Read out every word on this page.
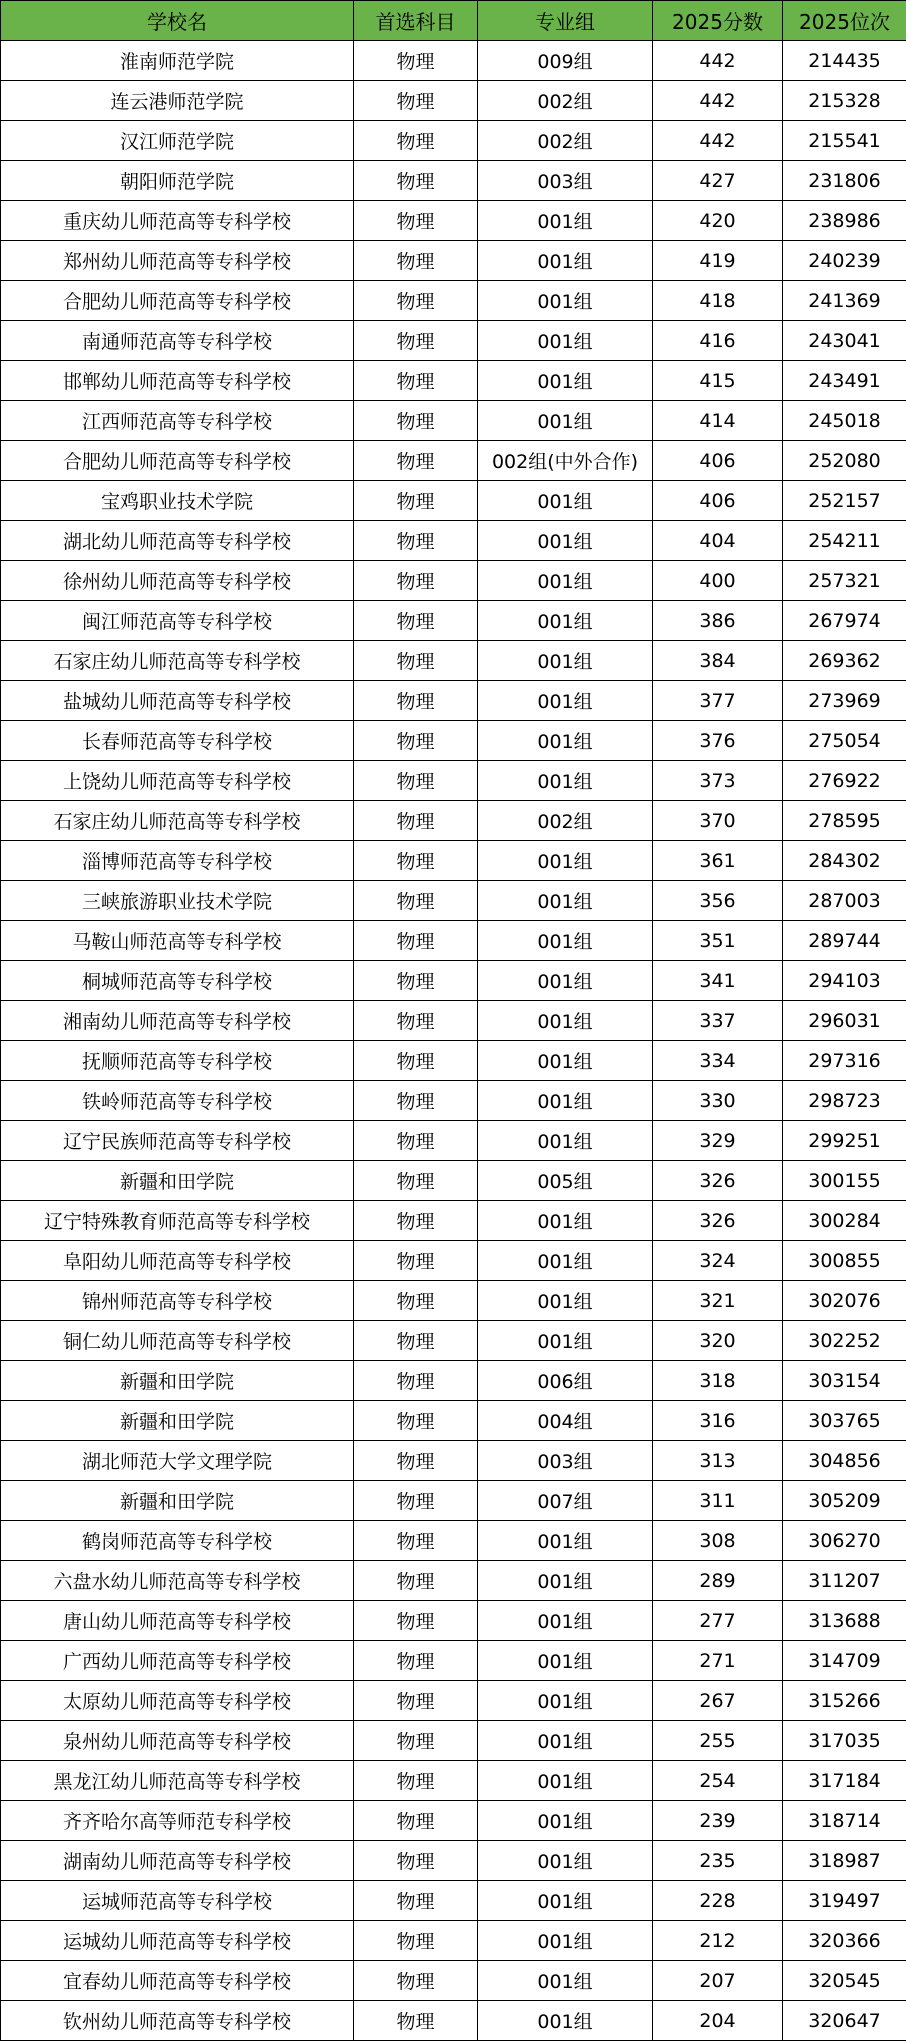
学校名	首选科目	专业组	2025分数	2025位次
淮南师范学院	物理	009组	442	214435
连云港师范学院	物理	002组	442	215328
汉江师范学院	物理	002组	442	215541
朝阳师范学院	物理	003组	427	231806
重庆幼儿师范高等专科学校	物理	001组	420	238986
郑州幼儿师范高等专科学校	物理	001组	419	240239
合肥幼儿师范高等专科学校	物理	001组	418	241369
南通师范高等专科学校	物理	001组	416	243041
邯郸幼儿师范高等专科学校	物理	001组	415	243491
江西师范高等专科学校	物理	001组	414	245018
合肥幼儿师范高等专科学校	物理	002组(中外合作)	406	252080
宝鸡职业技术学院	物理	001组	406	252157
湖北幼儿师范高等专科学校	物理	001组	404	254211
徐州幼儿师范高等专科学校	物理	001组	400	257321
闽江师范高等专科学校	物理	001组	386	267974
石家庄幼儿师范高等专科学校	物理	001组	384	269362
盐城幼儿师范高等专科学校	物理	001组	377	273969
长春师范高等专科学校	物理	001组	376	275054
上饶幼儿师范高等专科学校	物理	001组	373	276922
石家庄幼儿师范高等专科学校	物理	002组	370	278595
淄博师范高等专科学校	物理	001组	361	284302
三峡旅游职业技术学院	物理	001组	356	287003
马鞍山师范高等专科学校	物理	001组	351	289744
桐城师范高等专科学校	物理	001组	341	294103
湘南幼儿师范高等专科学校	物理	001组	337	296031
抚顺师范高等专科学校	物理	001组	334	297316
铁岭师范高等专科学校	物理	001组	330	298723
辽宁民族师范高等专科学校	物理	001组	329	299251
新疆和田学院	物理	005组	326	300155
辽宁特殊教育师范高等专科学校	物理	001组	326	300284
阜阳幼儿师范高等专科学校	物理	001组	324	300855
锦州师范高等专科学校	物理	001组	321	302076
铜仁幼儿师范高等专科学校	物理	001组	320	302252
新疆和田学院	物理	006组	318	303154
新疆和田学院	物理	004组	316	303765
湖北师范大学文理学院	物理	003组	313	304856
新疆和田学院	物理	007组	311	305209
鹤岗师范高等专科学校	物理	001组	308	306270
六盘水幼儿师范高等专科学校	物理	001组	289	311207
唐山幼儿师范高等专科学校	物理	001组	277	313688
广西幼儿师范高等专科学校	物理	001组	271	314709
太原幼儿师范高等专科学校	物理	001组	267	315266
泉州幼儿师范高等专科学校	物理	001组	255	317035
黑龙江幼儿师范高等专科学校	物理	001组	254	317184
齐齐哈尔高等师范专科学校	物理	001组	239	318714
湖南幼儿师范高等专科学校	物理	001组	235	318987
运城师范高等专科学校	物理	001组	228	319497
运城幼儿师范高等专科学校	物理	001组	212	320366
宜春幼儿师范高等专科学校	物理	001组	207	320545
钦州幼儿师范高等专科学校	物理	001组	204	320647
